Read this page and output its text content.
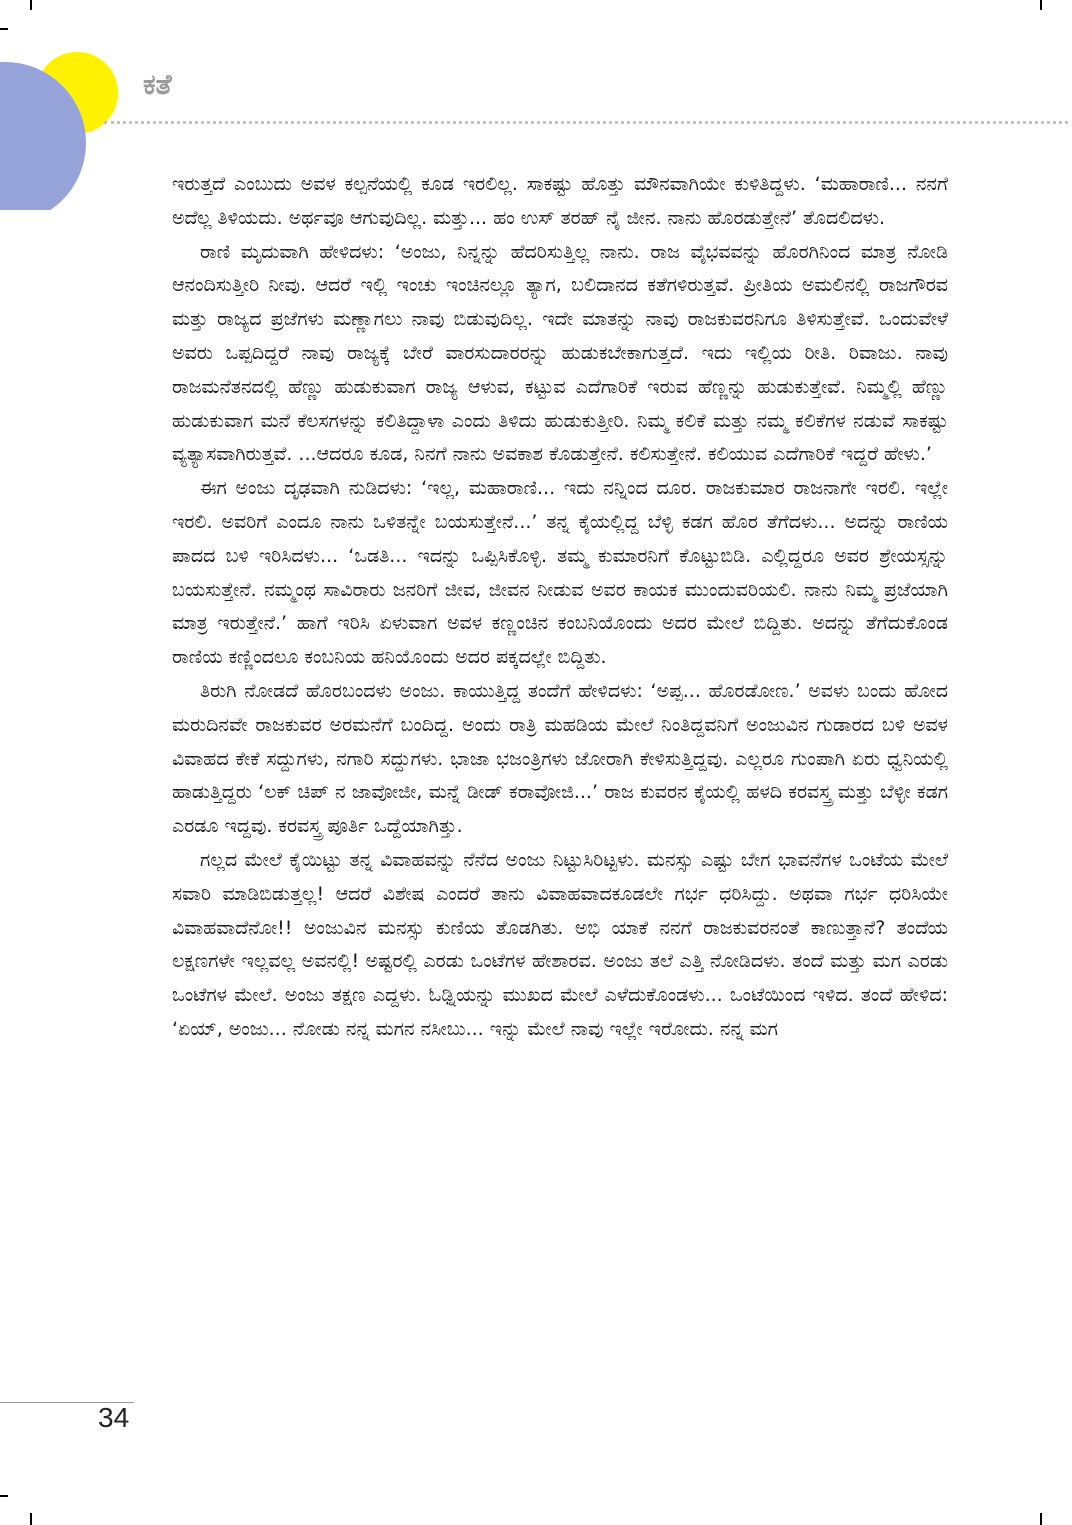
ಕತೆ

ಇರುತ್ತದೆ ಎಂಬುದು ಅವಳ ಕಲ್ಪನೆಯಲ್ಲಿ ಕೂಡ ಇರಲಿಲ್ಲ. ಸಾಕಷ್ಟು ಹೊತ್ತು ಮೌನವಾಗಿಯೇ ಕುಳಿತಿದ್ದಳು. ‘ಮಹಾರಾಣಿ... ನನಗೆ ಅದೆಲ್ಲ ತಿಳಿಯದು. ಅರ್ಥವೂ ಆಗುವುದಿಲ್ಲ. ಮತ್ತು... ಹಂ ಉಸ್ ತರಹ್ ನೈ ಜೀನ. ನಾನು ಹೊರಡುತ್ತೇನೆ’ ತೊದಲಿದಳು.

ರಾಣಿ ಮೃದುವಾಗಿ ಹೇಳಿದಳು: ‘ಅಂಜು, ನಿನ್ನನ್ನು ಹೆದರಿಸುತ್ತಿಲ್ಲ ನಾನು. ರಾಜ ವೈಭವವನ್ನು ಹೊರಗಿನಿಂದ ಮಾತ್ರ ನೋಡಿ ಆನಂದಿಸುತ್ತೀರಿ ನೀವು. ಆದರೆ ಇಲ್ಲಿ ಇಂಚು ಇಂಚಿನಲ್ಲೂ ತ್ಯಾಗ, ಬಲಿದಾನದ ಕತೆಗಳಿರುತ್ತವೆ. ಪ್ರೀತಿಯ ಅಮಲಿನಲ್ಲಿ ರಾಜಗೌರವ ಮತ್ತು ರಾಜ್ಯದ ಪ್ರಜೆಗಳು ಮಣ್ಣಾಗಲು ನಾವು ಬಿಡುವುದಿಲ್ಲ. ಇದೇ ಮಾತನ್ನು ನಾವು ರಾಜಕುವರನಿಗೂ ತಿಳಿಸುತ್ತೇವೆ. ಒಂದುವೇಳೆ ಅವರು ಒಪ್ಪದಿದ್ದರೆ ನಾವು ರಾಜ್ಯಕ್ಕೆ ಬೇರೆ ವಾರಸುದಾರರನ್ನು ಹುಡುಕಬೇಕಾಗುತ್ತದೆ. ಇದು ಇಲ್ಲಿಯ ರೀತಿ. ರಿವಾಜು. ನಾವು ರಾಜಮನೆತನದಲ್ಲಿ ಹೆಣ್ಣು ಹುಡುಕುವಾಗ ರಾಜ್ಯ ಆಳುವ, ಕಟ್ಟುವ ಎದೆಗಾರಿಕೆ ಇರುವ ಹೆಣ್ಣನ್ನು ಹುಡುಕುತ್ತೇವೆ. ನಿಮ್ಮಲ್ಲಿ ಹೆಣ್ಣು ಹುಡುಕುವಾಗ ಮನೆ ಕೆಲಸಗಳನ್ನು ಕಲಿತಿದ್ದಾಳಾ ಎಂದು ತಿಳಿದು ಹುಡುಕುತ್ತೀರಿ. ನಿಮ್ಮ ಕಲಿಕೆ ಮತ್ತು ನಮ್ಮ ಕಲಿಕೆಗಳ ನಡುವೆ ಸಾಕಷ್ಟು ವ್ಯತ್ಯಾಸವಾಗಿರುತ್ತವೆ. ...ಆದರೂ ಕೂಡ, ನಿನಗೆ ನಾನು ಅವಕಾಶ ಕೊಡುತ್ತೇನೆ. ಕಲಿಸುತ್ತೇನೆ. ಕಲಿಯುವ ಎದೆಗಾರಿಕೆ ಇದ್ದರೆ ಹೇಳು.’

ಈಗ ಅಂಜು ದೃಢವಾಗಿ ನುಡಿದಳು: ‘ಇಲ್ಲ, ಮಹಾರಾಣಿ... ಇದು ನನ್ನಿಂದ ದೂರ. ರಾಜಕುಮಾರ ರಾಜನಾಗೇ ಇರಲಿ. ಇಲ್ಲೇ ಇರಲಿ. ಅವರಿಗೆ ಎಂದೂ ನಾನು ಒಳಿತನ್ನೇ ಬಯಸುತ್ತೇನೆ...’ ತನ್ನ ಕೈಯಲ್ಲಿದ್ದ ಬೆಳ್ಳಿ ಕಡಗ ಹೊರ ತೆಗೆದಳು... ಅದನ್ನು ರಾಣಿಯ ಪಾದದ ಬಳಿ ಇರಿಸಿದಳು... ‘ಒಡತಿ... ಇದನ್ನು ಒಪ್ಪಿಸಿಕೊಳ್ಳಿ. ತಮ್ಮ ಕುಮಾರನಿಗೆ ಕೊಟ್ಟುಬಿಡಿ. ಎಲ್ಲಿದ್ದರೂ ಅವರ ಶ್ರೇಯಸ್ಸನ್ನು ಬಯಸುತ್ತೇನೆ. ನಮ್ಮಂಥ ಸಾವಿರಾರು ಜನರಿಗೆ ಜೀವ, ಜೀವನ ನೀಡುವ ಅವರ ಕಾಯಕ ಮುಂದುವರಿಯಲಿ. ನಾನು ನಿಮ್ಮ ಪ್ರಜೆಯಾಗಿ ಮಾತ್ರ ಇರುತ್ತೇನೆ.’ ಹಾಗೆ ಇರಿಸಿ ಏಳುವಾಗ ಅವಳ ಕಣ್ಣಂಚಿನ ಕಂಬನಿಯೊಂದು ಅದರ ಮೇಲೆ ಬಿದ್ದಿತು. ಅದನ್ನು ತೆಗೆದುಕೊಂಡ ರಾಣಿಯ ಕಣ್ಣಿಂದಲೂ ಕಂಬನಿಯ ಹನಿಯೊಂದು ಅದರ ಪಕ್ಕದಲ್ಲೇ ಬಿದ್ದಿತು.

ತಿರುಗಿ ನೋಡದೆ ಹೊರಬಂದಳು ಅಂಜು. ಕಾಯುತ್ತಿದ್ದ ತಂದೆಗೆ ಹೇಳಿದಳು: ‘ಅಪ್ಪ... ಹೊರಡೋಣ.’ ಅವಳು ಬಂದು ಹೋದ ಮರುದಿನವೇ ರಾಜಕುವರ ಅರಮನೆಗೆ ಬಂದಿದ್ದ. ಅಂದು ರಾತ್ರಿ ಮಹಡಿಯ ಮೇಲೆ ನಿಂತಿದ್ದವನಿಗೆ ಅಂಜುವಿನ ಗುಡಾರದ ಬಳಿ ಅವಳ ವಿವಾಹದ ಕೇಕೆ ಸದ್ದುಗಳು, ನಗಾರಿ ಸದ್ದುಗಳು. ಭಾಜಾ ಭಜಂತ್ರಿಗಳು ಜೋರಾಗಿ ಕೇಳಿಸುತ್ತಿದ್ದವು. ಎಲ್ಲರೂ ಗುಂಪಾಗಿ ಏರು ಧ್ವನಿಯಲ್ಲಿ ಹಾಡುತ್ತಿದ್ದರು ‘ಲಕ್ ಚಿಪ್ ನ ಜಾವೋಜೀ, ಮನ್ನೆ ಡೀಡ್ ಕರಾವೋಜಿ...’ ರಾಜ ಕುವರನ ಕೈಯಲ್ಲಿ ಹಳದಿ ಕರವಸ್ತ್ರ ಮತ್ತು ಬೆಳ್ಳೀ ಕಡಗ ಎರಡೂ ಇದ್ದವು. ಕರವಸ್ತ್ರ ಪೂರ್ತಿ ಒದ್ದೆಯಾಗಿತ್ತು.

ಗಲ್ಲದ ಮೇಲೆ ಕೈಯಿಟ್ಟು ತನ್ನ ವಿವಾಹವನ್ನು ನೆನೆದ ಅಂಜು ನಿಟ್ಟುಸಿರಿಟ್ಟಳು. ಮನಸ್ಸು ಎಷ್ಟು ಬೇಗ ಭಾವನೆಗಳ ಒಂಟೆಯ ಮೇಲೆ ಸವಾರಿ ಮಾಡಿಬಿಡುತ್ತಲ್ಲ! ಆದರೆ ವಿಶೇಷ ಎಂದರೆ ತಾನು ವಿವಾಹವಾದಕೂಡಲೇ ಗರ್ಭ ಧರಿಸಿದ್ದು. ಅಥವಾ ಗರ್ಭ ಧರಿಸಿಯೇ ವಿವಾಹವಾದೆನೋ!! ಅಂಜುವಿನ ಮನಸ್ಸು ಕುಣಿಯ ತೊಡಗಿತು. ಅಭಿ ಯಾಕೆ ನನಗೆ ರಾಜಕುವರನಂತೆ ಕಾಣುತ್ತಾನೆ? ತಂದೆಯ ಲಕ್ಷಣಗಳೇ ಇಲ್ಲವಲ್ಲ ಅವನಲ್ಲಿ! ಅಷ್ಟರಲ್ಲಿ ಎರಡು ಒಂಟೆಗಳ ಹೇಶಾರವ. ಅಂಜು ತಲೆ ಎತ್ತಿ ನೋಡಿದಳು. ತಂದೆ ಮತ್ತು ಮಗ ಎರಡು ಒಂಟೆಗಳ ಮೇಲೆ. ಅಂಜು ತಕ್ಷಣ ಎದ್ದಳು. ಓಢ್ನಿಯನ್ನು ಮುಖದ ಮೇಲೆ ಎಳೆದುಕೊಂಡಳು... ಒಂಟೆಯಿಂದ ಇಳಿದ. ತಂದೆ ಹೇಳಿದ: ‘ಏಯ್, ಅಂಜು... ನೋಡು ನನ್ನ ಮಗನ ನಸೀಬು... ಇನ್ನು ಮೇಲೆ ನಾವು ಇಲ್ಲೇ ಇರೋದು. ನನ್ನ ಮಗ

34
